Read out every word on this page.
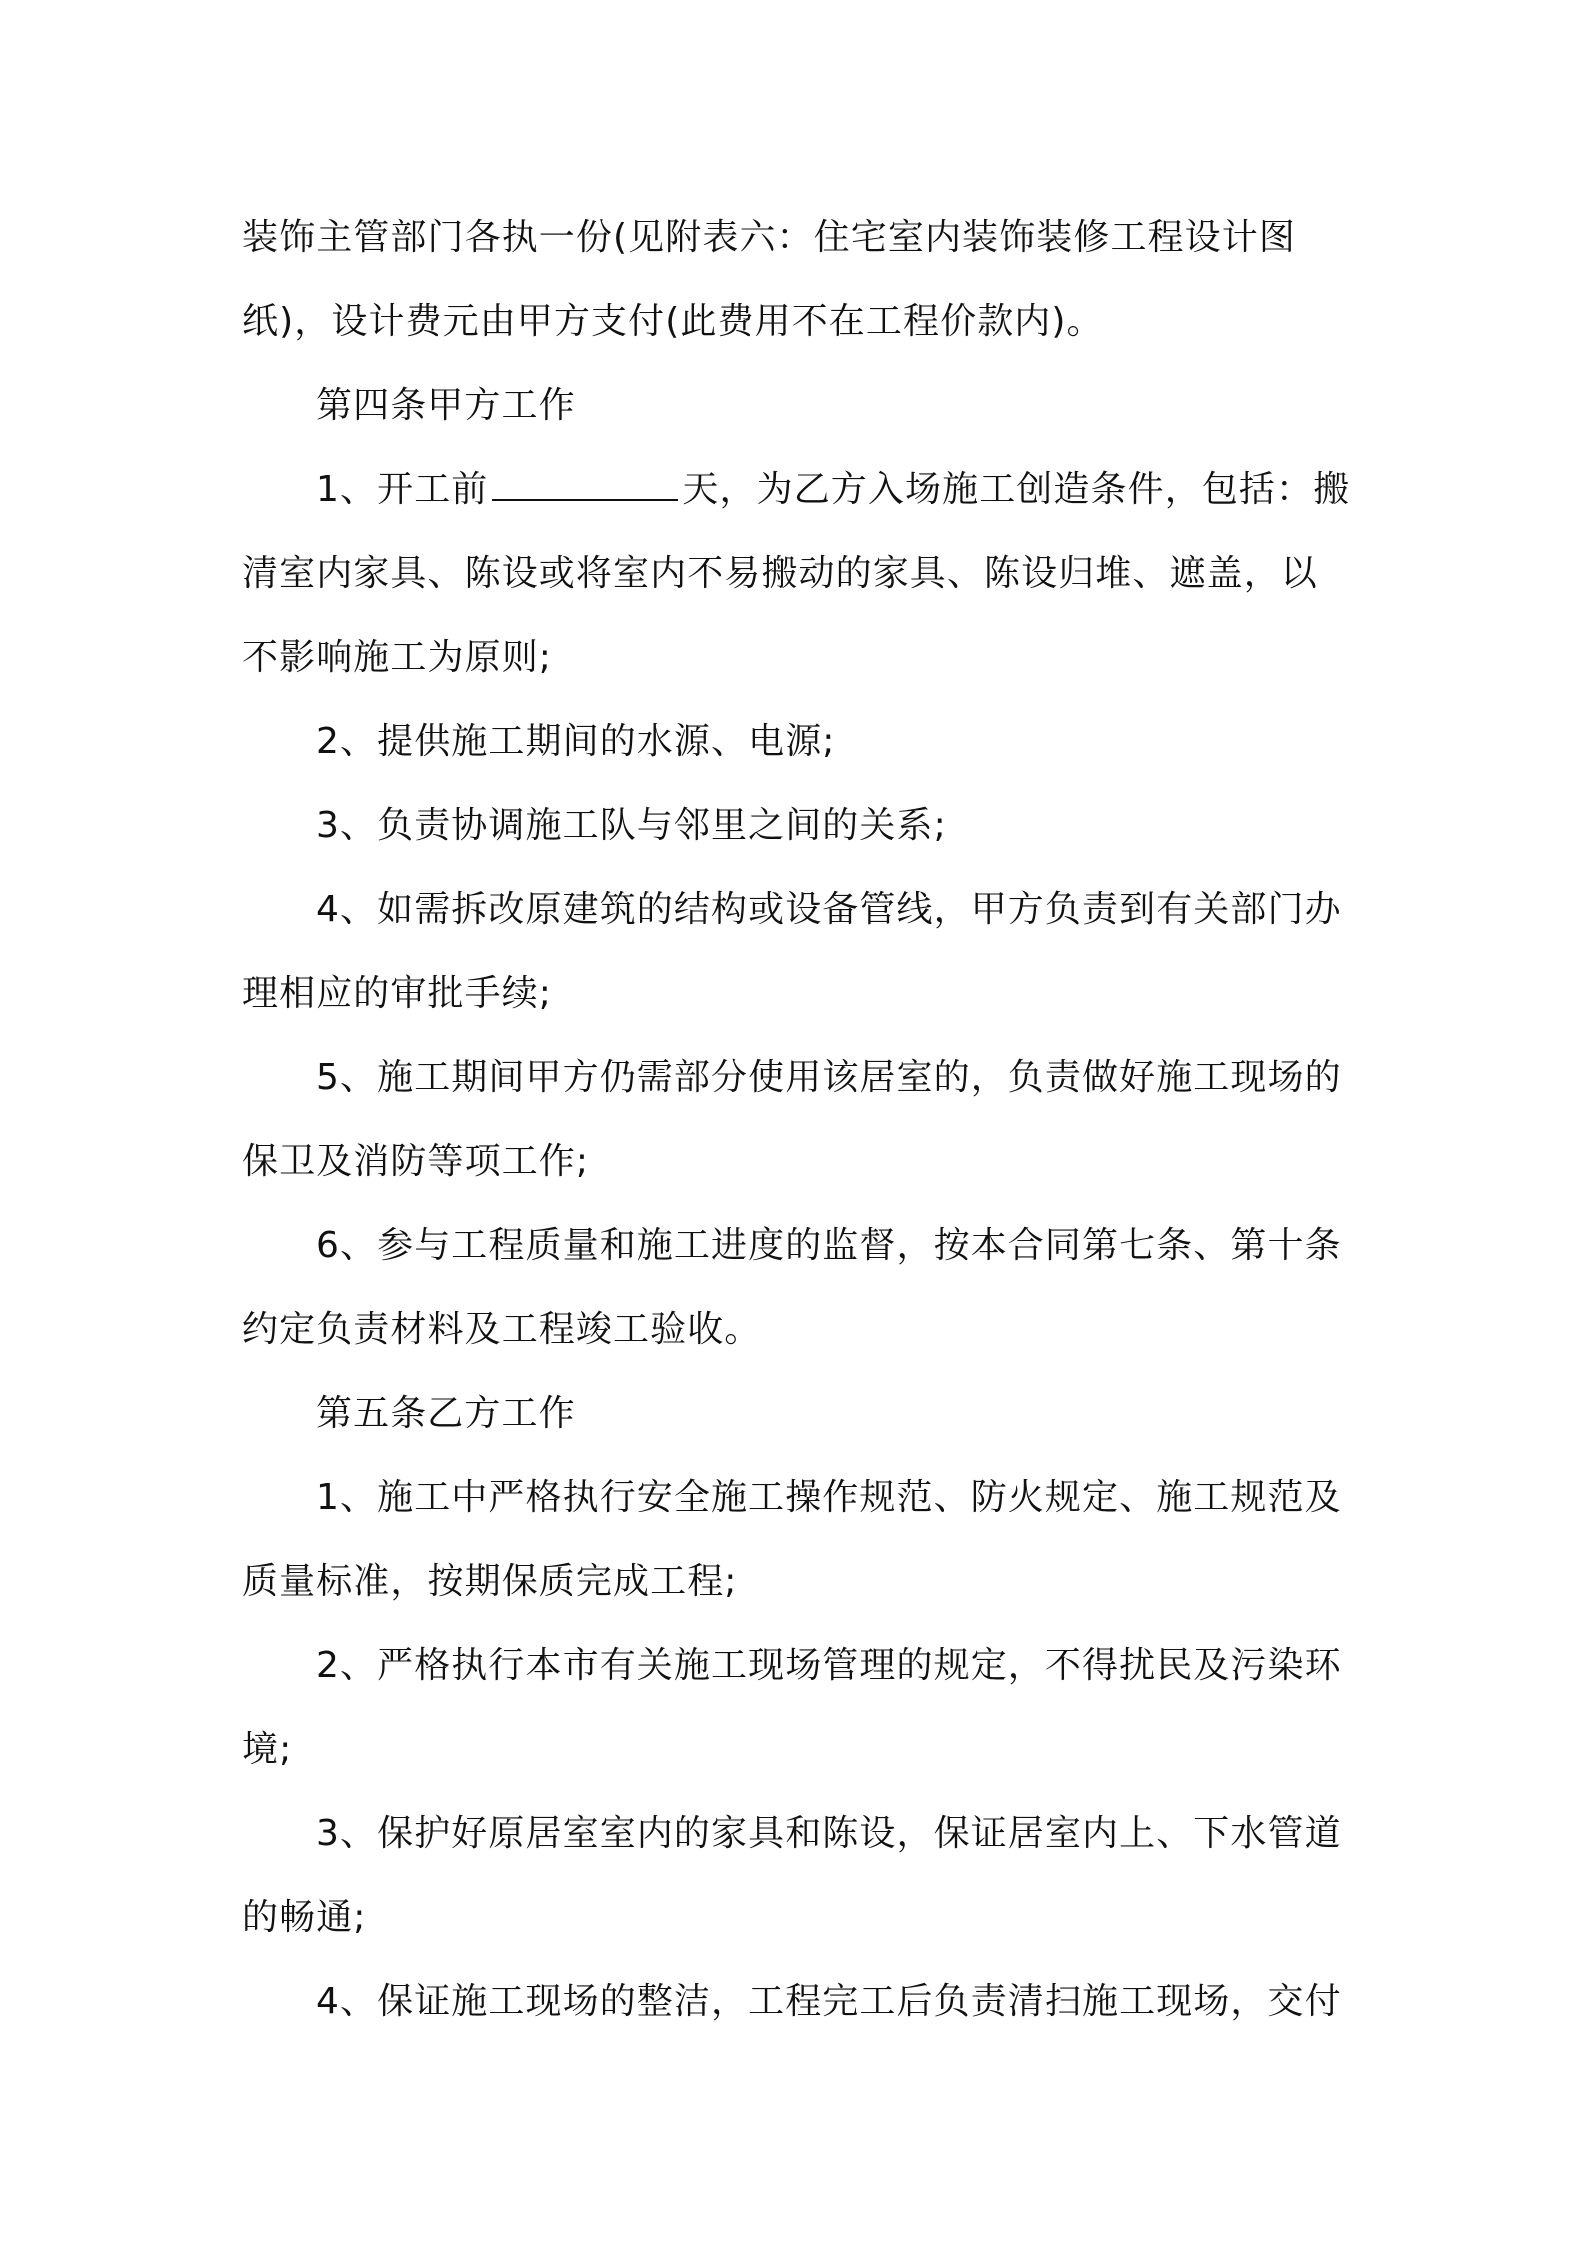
装饰主管部门各执一份(见附表六：住宅室内装饰装修工程设计图纸)，设计费元由甲方支付(此费用不在工程价款内)。

第四条甲方工作

1、开工前	天，为乙方入场施工创造条件，包括：搬清室内家具、陈设或将室内不易搬动的家具、陈设归堆、遮盖，以不影响施工为原则;

2、提供施工期间的水源、电源;

3、负责协调施工队与邻里之间的关系;

4、如需拆改原建筑的结构或设备管线，甲方负责到有关部门办理相应的审批手续;

5、施工期间甲方仍需部分使用该居室的，负责做好施工现场的保卫及消防等项工作;

6、参与工程质量和施工进度的监督，按本合同第七条、第十条约定负责材料及工程竣工验收。

第五条乙方工作

1、施工中严格执行安全施工操作规范、防火规定、施工规范及质量标准，按期保质完成工程;

2、严格执行本市有关施工现场管理的规定，不得扰民及污染环境;

3、保护好原居室室内的家具和陈设，保证居室内上、下水管道的畅通;

4、保证施工现场的整洁，工程完工后负责清扫施工现场，交付
